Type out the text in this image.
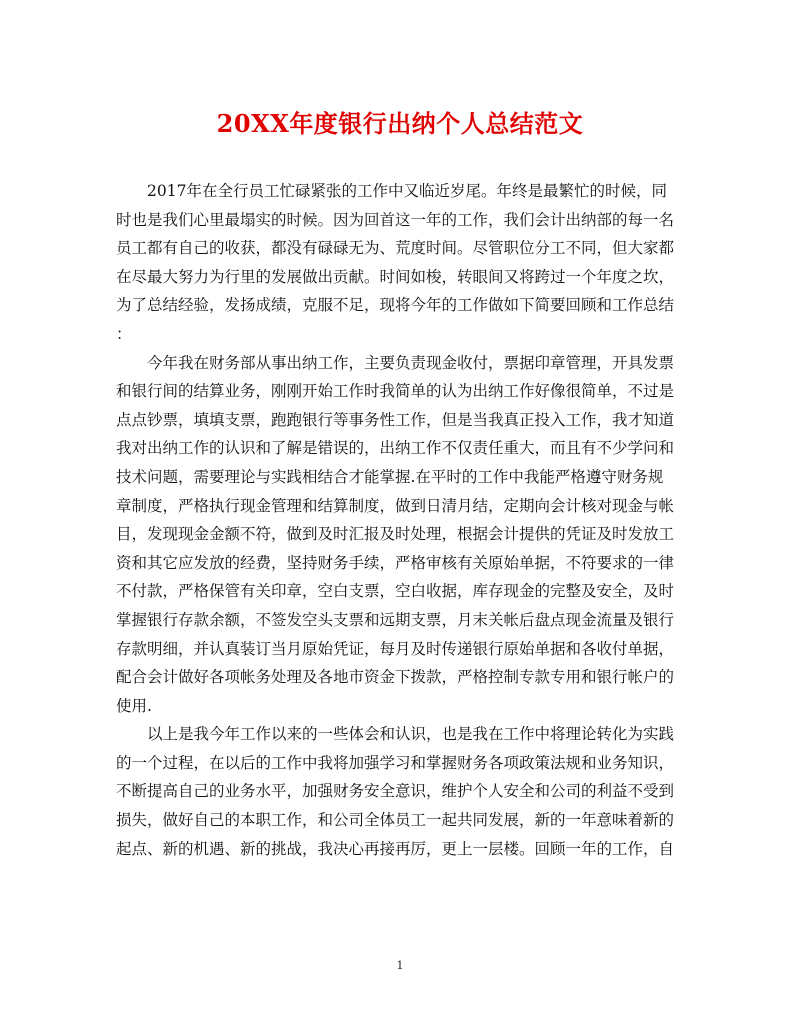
20XX年度银行出纳个人总结范文
2017年在全行员工忙碌紧张的工作中又临近岁尾。年终是最繁忙的时候，同
时也是我们心里最塌实的时候。因为回首这一年的工作，我们会计出纳部的每一名
员工都有自己的收获，都没有碌碌无为、荒度时间。尽管职位分工不同，但大家都
在尽最大努力为行里的发展做出贡献。时间如梭，转眼间又将跨过一个年度之坎，
为了总结经验，发扬成绩，克服不足，现将今年的工作做如下简要回顾和工作总结
：
今年我在财务部从事出纳工作，主要负责现金收付，票据印章管理，开具发票
和银行间的结算业务，刚刚开始工作时我简单的认为出纳工作好像很简单，不过是
点点钞票，填填支票，跑跑银行等事务性工作，但是当我真正投入工作，我才知道
我对出纳工作的认识和了解是错误的，出纳工作不仅责任重大，而且有不少学问和
技术问题，需要理论与实践相结合才能掌握.在平时的工作中我能严格遵守财务规
章制度，严格执行现金管理和结算制度，做到日清月结，定期向会计核对现金与帐
目，发现现金金额不符，做到及时汇报及时处理，根据会计提供的凭证及时发放工
资和其它应发放的经费，坚持财务手续，严格审核有关原始单据，不符要求的一律
不付款，严格保管有关印章，空白支票，空白收据，库存现金的完整及安全，及时
掌握银行存款余额，不签发空头支票和远期支票，月末关帐后盘点现金流量及银行
存款明细，并认真装订当月原始凭证，每月及时传递银行原始单据和各收付单据，
配合会计做好各项帐务处理及各地市资金下拨款，严格控制专款专用和银行帐户的
使用.
以上是我今年工作以来的一些体会和认识，也是我在工作中将理论转化为实践
的一个过程，在以后的工作中我将加强学习和掌握财务各项政策法规和业务知识，
不断提高自己的业务水平，加强财务安全意识，维护个人安全和公司的利益不受到
损失，做好自己的本职工作，和公司全体员工一起共同发展，新的一年意味着新的
起点、新的机遇、新的挑战，我决心再接再厉，更上一层楼。回顾一年的工作，自
1
